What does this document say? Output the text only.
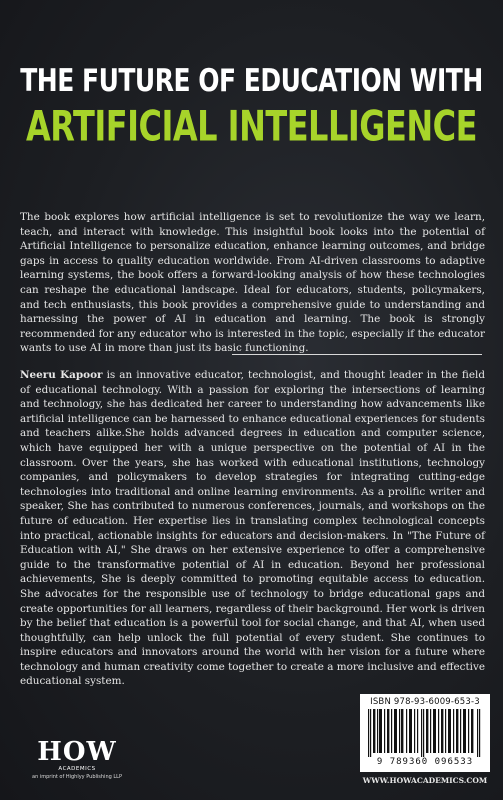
THE FUTURE OF EDUCATION WITH
ARTIFICIAL INTELLIGENCE

The book explores how artificial intelligence is set to revolutionize the way we learn, teach, and interact with knowledge. This insightful book looks into the potential of Artificial Intelligence to personalize education, enhance learning outcomes, and bridge gaps in access to quality education worldwide. From AI-driven classrooms to adaptive learning systems, the book offers a forward-looking analysis of how these technologies can reshape the educational landscape. Ideal for educators, students, policymakers, and tech enthusiasts, this book provides a comprehensive guide to understanding and harnessing the power of AI in education and learning. The book is strongly recommended for any educator who is interested in the topic, especially if the educator wants to use AI in more than just its basic functioning.

Neeru Kapoor is an innovative educator, technologist, and thought leader in the field of educational technology. With a passion for exploring the intersections of learning and technology, she has dedicated her career to understanding how advancements like artificial intelligence can be harnessed to enhance educational experiences for students and teachers alike.She holds advanced degrees in education and computer science, which have equipped her with a unique perspective on the potential of AI in the classroom. Over the years, she has worked with educational institutions, technology companies, and policymakers to develop strategies for integrating cutting-edge technologies into traditional and online learning environments. As a prolific writer and speaker, She has contributed to numerous conferences, journals, and workshops on the future of education. Her expertise lies in translating complex technological concepts into practical, actionable insights for educators and decision-makers. In "The Future of Education with AI," She draws on her extensive experience to offer a comprehensive guide to the transformative potential of AI in education. Beyond her professional achievements, She is deeply committed to promoting equitable access to education. She advocates for the responsible use of technology to bridge educational gaps and create opportunities for all learners, regardless of their background. Her work is driven by the belief that education is a powerful tool for social change, and that AI, when used thoughtfully, can help unlock the full potential of every student. She continues to inspire educators and innovators around the world with her vision for a future where technology and human creativity come together to create a more inclusive and effective educational system.

HOW
ACADEMICS
an imprint of Highlyy Publishing LLP
ISBN 978-93-6009-653-3
9 789360 096533
WWW.HOWACADEMICS.COM
